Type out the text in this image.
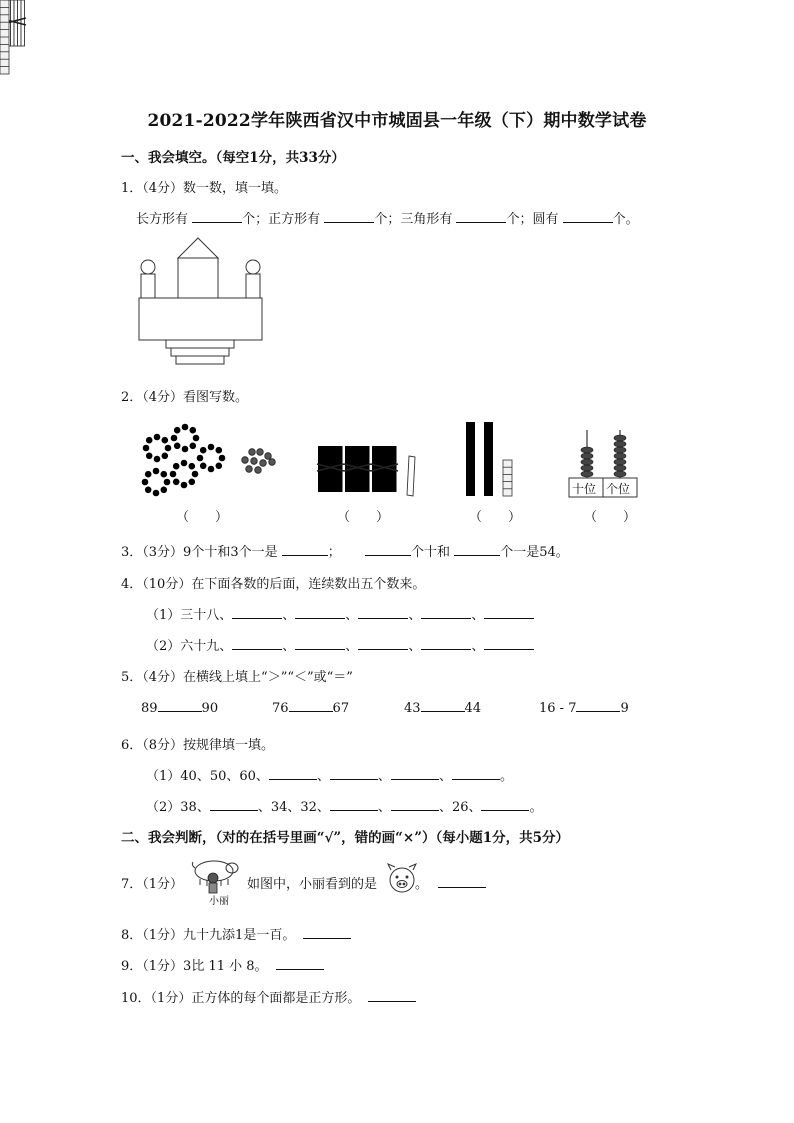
2021-2022学年陕西省汉中市城固县一年级（下）期中数学试卷
一、我会填空。（每空1分，共33分）
1．（4分）数一数，填一填。
长方形有	个；正方形有	个；三角形有	个；圆有	个。
2．（4分）看图写数。
十位 个位
（　　）	（　　）	（　　）	（　　）
3．（3分）9个十和3个一是	；	个十和	个一是54。
4．（10分）在下面各数的后面，连续数出五个数来。
（1）三十八、	、	、	、	、
（2）六十九、	、	、	、	、
5．（4分）在横线上填上“＞”“＜”或“＝”
89	90	76	67	43	44	16 - 7	9
6．（8分）按规律填一填。
（1）40、50、60、	、	、	、	。
（2）38、	、34、32、	、	、26、	。
二、我会判断，（对的在括号里画“√”，错的画“×”）（每小题1分，共5分）
7．（1分）
小丽
如图中，小丽看到的是	。
8．（1分）九十九添1是一百。
9．（1分）3比 11 小 8。
10．（1分）正方体的每个面都是正方形。
